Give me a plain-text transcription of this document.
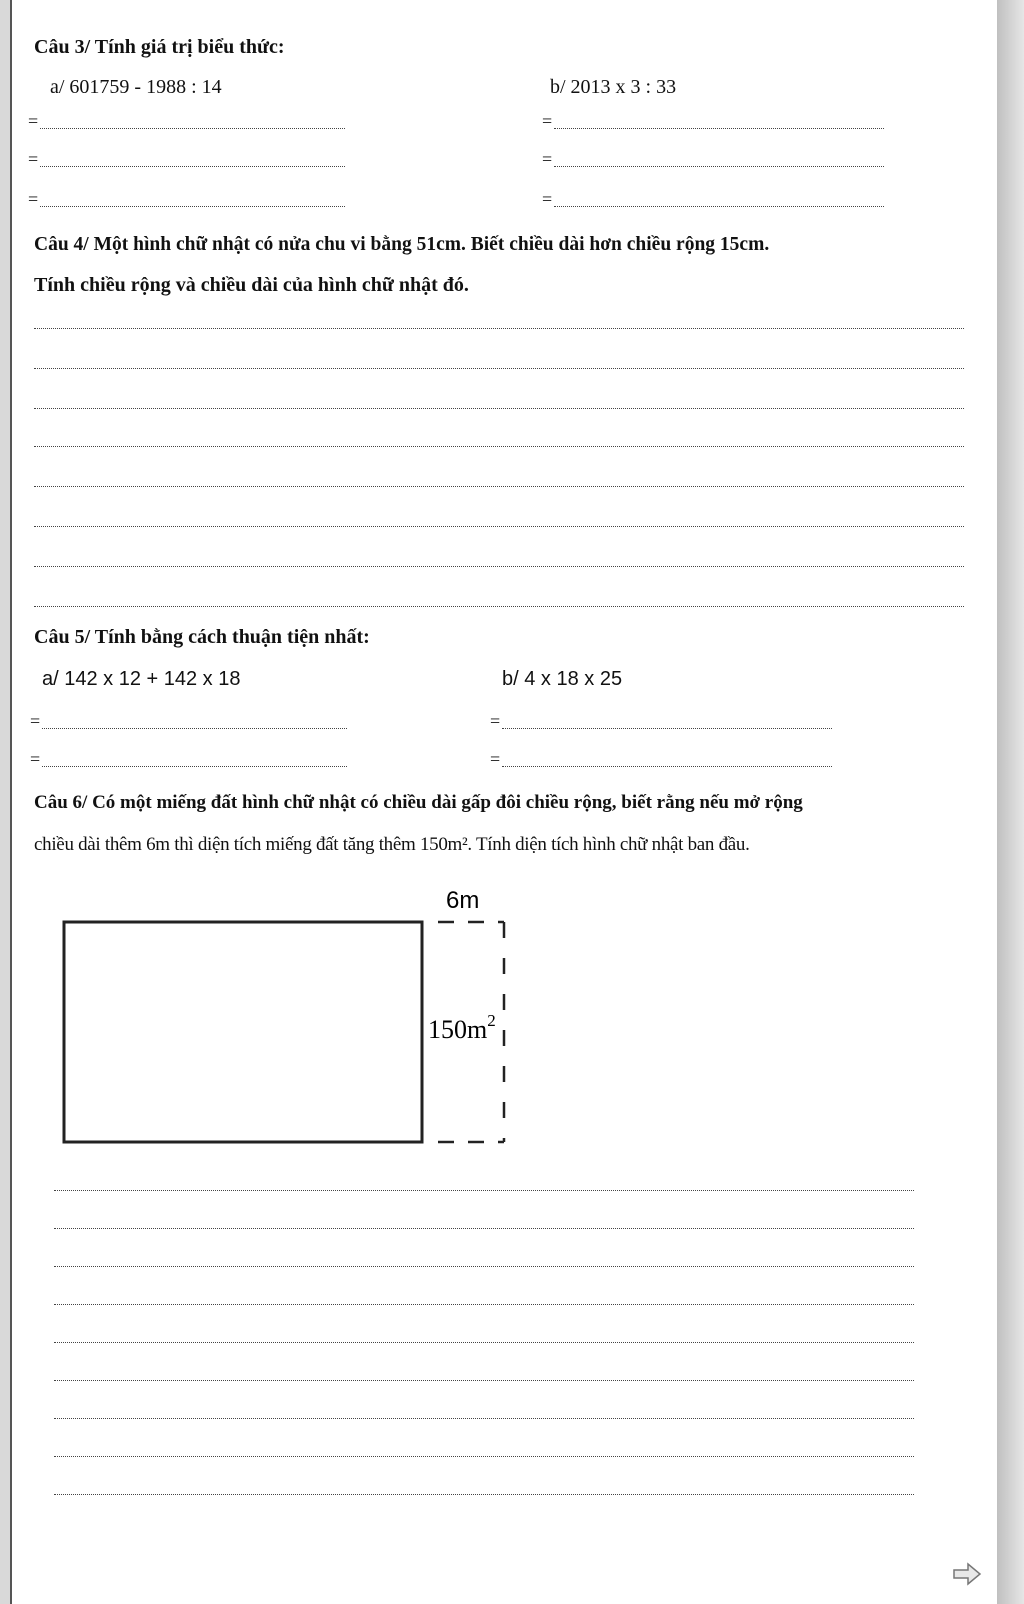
Câu 3/ Tính giá trị biểu thức:
a/ 601759 - 1988 : 14	b/ 2013 x 3 : 33
=
=
=
=
=
=
Câu 4/ Một hình chữ nhật có nửa chu vi bằng 51cm. Biết chiều dài hơn chiều rộng 15cm.
Tính chiều rộng và chiều dài của hình chữ nhật đó.
Câu 5/ Tính bằng cách thuận tiện nhất:
a/ 142 x 12 + 142 x 18	b/ 4 x 18 x 25
=
=
=
=
Câu 6/ Có một miếng đất hình chữ nhật có chiều dài gấp đôi chiều rộng, biết rằng nếu mở rộng
chiều dài thêm 6m thì diện tích miếng đất tăng thêm 150m². Tính diện tích hình chữ nhật ban đầu.
6m
$150m^2$
